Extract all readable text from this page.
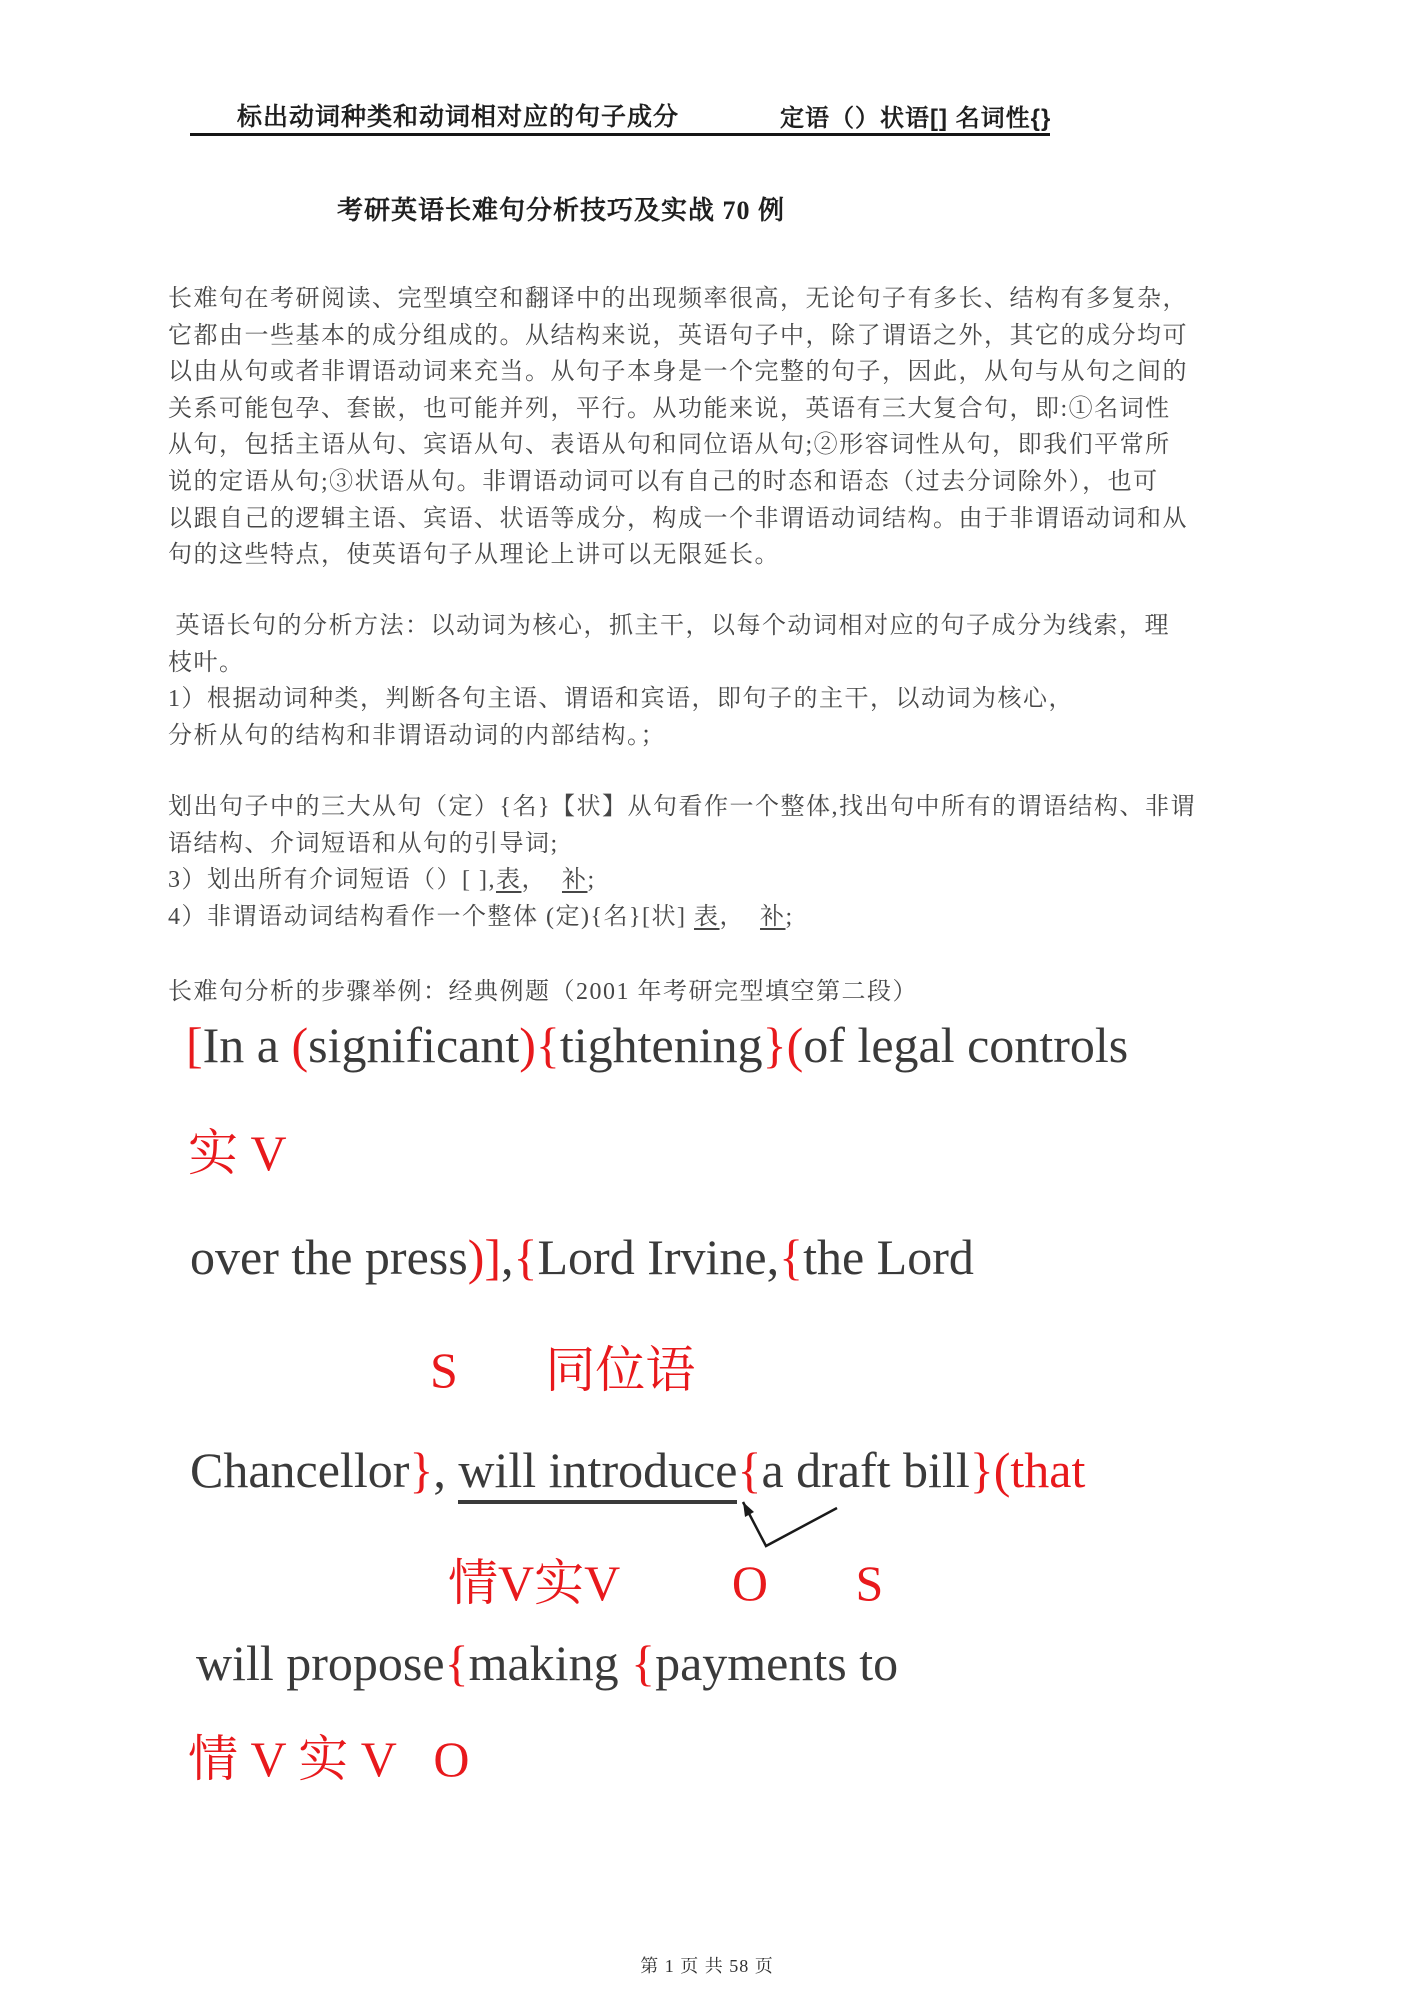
标出动词种类和动词相对应的句子成分	定语（）状语[] 名词性{}
考研英语长难句分析技巧及实战 70 例
长难句在考研阅读、完型填空和翻译中的出现频率很高，无论句子有多长、结构有多复杂，
它都由一些基本的成分组成的。从结构来说，英语句子中，除了谓语之外，其它的成分均可
以由从句或者非谓语动词来充当。从句子本身是一个完整的句子，因此，从句与从句之间的
关系可能包孕、套嵌，也可能并列，平行。从功能来说，英语有三大复合句，即:①名词性
从句，包括主语从句、宾语从句、表语从句和同位语从句;②形容词性从句，即我们平常所
说的定语从句;③状语从句。非谓语动词可以有自己的时态和语态（过去分词除外），也可
以跟自己的逻辑主语、宾语、状语等成分，构成一个非谓语动词结构。由于非谓语动词和从
句的这些特点，使英语句子从理论上讲可以无限延长。
英语长句的分析方法：以动词为核心，抓主干，以每个动词相对应的句子成分为线索，理
枝叶。
1）根据动词种类，判断各句主语、谓语和宾语，即句子的主干，以动词为核心，
分析从句的结构和非谓语动词的内部结构。；
划出句子中的三大从句（定）{名}【状】从句看作一个整体,找出句中所有的谓语结构、非谓
语结构、介词短语和从句的引导词;
3）划出所有介词短语（）[ ],表，  补;
4）非谓语动词结构看作一个整体 (定){名}[状] 表，  补;
长难句分析的步骤举例：经典例题（2001 年考研完型填空第二段）
[In a (significant){tightening}(of legal controls
实 V
over the press)],{Lord Irvine,{the Lord
S 同位语
Chancellor}, will introduce{a draft bill}(that
情V实V O S
will propose{making {payments to
情 V 实 V O
第 1 页 共 58 页
